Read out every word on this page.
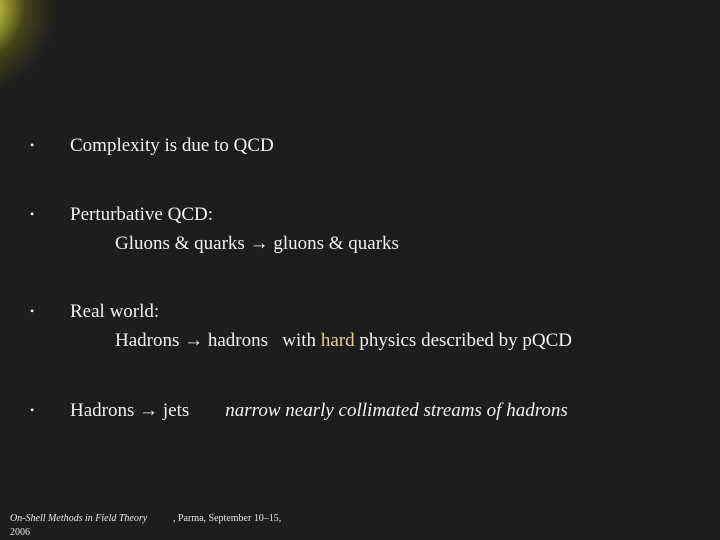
• Complexity is due to QCD
• Perturbative QCD:
Gluons & quarks → gluons & quarks
• Real world:
Hadrons → hadrons   with hard physics described by pQCD
• Hadrons → jets narrow nearly collimated streams of hadrons
On-Shell Methods in Field Theory	, Parma, September 10–15,
2006
